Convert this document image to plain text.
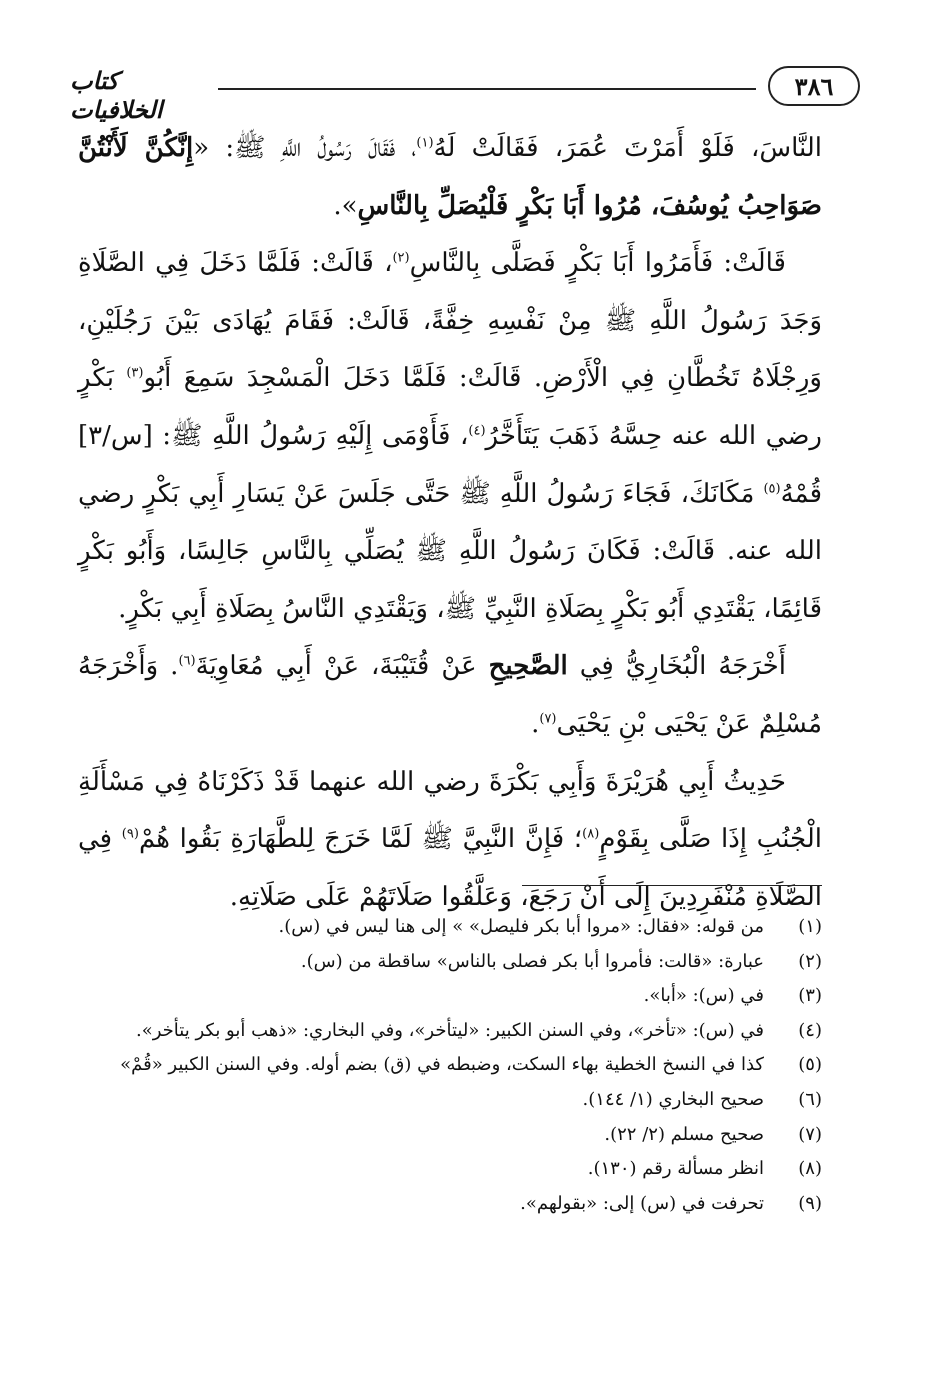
٣٨٦
كتاب الخلافيات

النَّاسَ، فَلَوْ أَمَرْتَ عُمَرَ، فَقَالَتْ لَهُ$^{(١)}$، فَقَالَ رَسُولُ اللَّهِ ﷺ: «إِنَّكُنَّ لَأَنْتُنَّ صَوَاحِبُ يُوسُفَ، مُرُوا أَبَا بَكْرٍ فَلْيُصَلِّ بِالنَّاسِ».

قَالَتْ: فَأَمَرُوا أَبَا بَكْرٍ فَصَلَّى بِالنَّاسِ$^{(٢)}$، قَالَتْ: فَلَمَّا دَخَلَ فِي الصَّلَاةِ وَجَدَ رَسُولُ اللَّهِ ﷺ مِنْ نَفْسِهِ خِفَّةً، قَالَتْ: فَقَامَ يُهَادَى بَيْنَ رَجُلَيْنِ، وَرِجْلَاهُ تَخُطَّانِ فِي الْأَرْضِ. قَالَتْ: فَلَمَّا دَخَلَ الْمَسْجِدَ سَمِعَ أَبُو$^{(٣)}$ بَكْرٍ رضي الله عنه حِسَّهُ ذَهَبَ يَتَأَخَّرُ$^{(٤)}$، فَأَوْمَى إِلَيْهِ رَسُولُ اللَّهِ ﷺ: [س/٣] قُمْهُ$^{(٥)}$ مَكَانَكَ، فَجَاءَ رَسُولُ اللَّهِ ﷺ حَتَّى جَلَسَ عَنْ يَسَارِ أَبِي بَكْرٍ رضي الله عنه. قَالَتْ: فَكَانَ رَسُولُ اللَّهِ ﷺ يُصَلِّي بِالنَّاسِ جَالِسًا، وَأَبُو بَكْرٍ قَائِمًا، يَقْتَدِي أَبُو بَكْرٍ بِصَلَاةِ النَّبِيِّ ﷺ، وَيَقْتَدِي النَّاسُ بِصَلَاةِ أَبِي بَكْرٍ.

أَخْرَجَهُ الْبُخَارِيُّ فِي الصَّحِيحِ عَنْ قُتَيْبَةَ، عَنْ أَبِي مُعَاوِيَةَ$^{(٦)}$. وَأَخْرَجَهُ مُسْلِمٌ عَنْ يَحْيَى بْنِ يَحْيَى$^{(٧)}$.

حَدِيثُ أَبِي هُرَيْرَةَ وَأَبِي بَكْرَةَ رضي الله عنهما قَدْ ذَكَرْنَاهُ فِي مَسْأَلَةِ الْجُنُبِ إِذَا صَلَّى بِقَوْمٍ$^{(٨)}$؛ فَإِنَّ النَّبِيَّ ﷺ لَمَّا خَرَجَ لِلطَّهَارَةِ بَقُوا هُمْ$^{(٩)}$ فِي الصَّلَاةِ مُنْفَرِدِينَ إِلَى أَنْ رَجَعَ، وَعَلَّقُوا صَلَاتَهُمْ عَلَى صَلَاتِهِ.

(١)
من قوله: «فقال: «مروا أبا بكر فليصل» » إلى هنا ليس في (س).
(٢)
عبارة: «قالت: فأمروا أبا بكر فصلى بالناس» ساقطة من (س).
(٣)
في (س): «أبا».
(٤)
في (س): «تأخر»، وفي السنن الكبير: «ليتأخر»، وفي البخاري: «ذهب أبو بكر يتأخر».
(٥)
كذا في النسخ الخطية بهاء السكت، وضبطه في (ق) بضم أوله. وفي السنن الكبير «قُمْ»
(٦)
صحيح البخاري (١/ ١٤٤).
(٧)
صحيح مسلم (٢/ ٢٢).
(٨)
انظر مسألة رقم (١٣٠).
(٩)
تحرفت في (س) إلى: «بقولهم».
